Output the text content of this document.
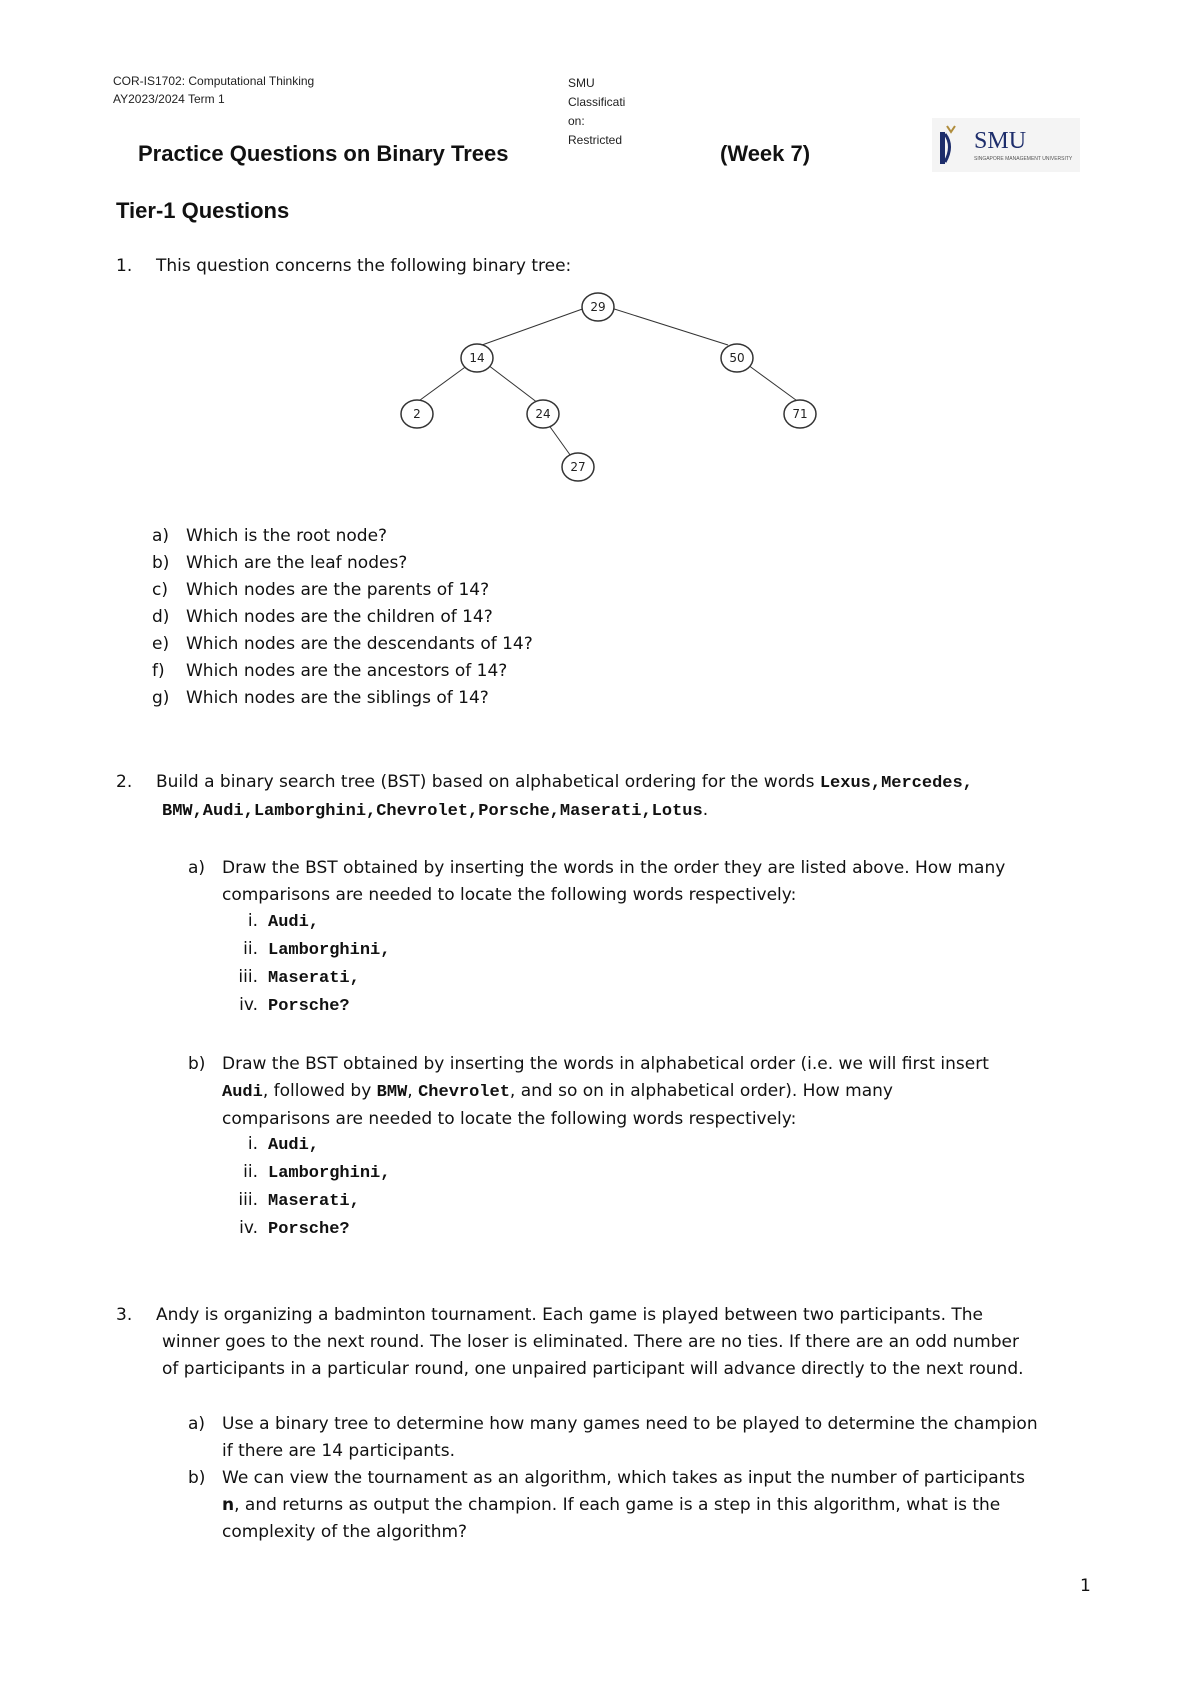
COR-IS1702: Computational Thinking
AY2023/2024 Term 1
SMU
Classificati
on:
Restricted
Practice Questions on Binary Trees	(Week 7)	SMU
SINGAPORE MANAGEMENT UNIVERSITY
Tier-1 Questions
1. This question concerns the following binary tree:
29
14	50
2	24	71
27
a) Which is the root node?
b) Which are the leaf nodes?
c) Which nodes are the parents of 14?
d) Which nodes are the children of 14?
e) Which nodes are the descendants of 14?
f) Which nodes are the ancestors of 14?
g) Which nodes are the siblings of 14?
2. Build a binary search tree (BST) based on alphabetical ordering for the words Lexus,Mercedes,
BMW,Audi,Lamborghini,Chevrolet,Porsche,Maserati,Lotus.
a) Draw the BST obtained by inserting the words in the order they are listed above. How many
comparisons are needed to locate the following words respectively:
i. Audi,
ii. Lamborghini,
iii. Maserati,
iv. Porsche?
b) Draw the BST obtained by inserting the words in alphabetical order (i.e. we will first insert
Audi, followed by BMW, Chevrolet, and so on in alphabetical order). How many
comparisons are needed to locate the following words respectively:
i. Audi,
ii. Lamborghini,
iii. Maserati,
iv. Porsche?
3. Andy is organizing a badminton tournament. Each game is played between two participants. The
winner goes to the next round. The loser is eliminated. There are no ties. If there are an odd number
of participants in a particular round, one unpaired participant will advance directly to the next round.
a) Use a binary tree to determine how many games need to be played to determine the champion
if there are 14 participants.
b) We can view the tournament as an algorithm, which takes as input the number of participants
n, and returns as output the champion. If each game is a step in this algorithm, what is the
complexity of the algorithm?
1
